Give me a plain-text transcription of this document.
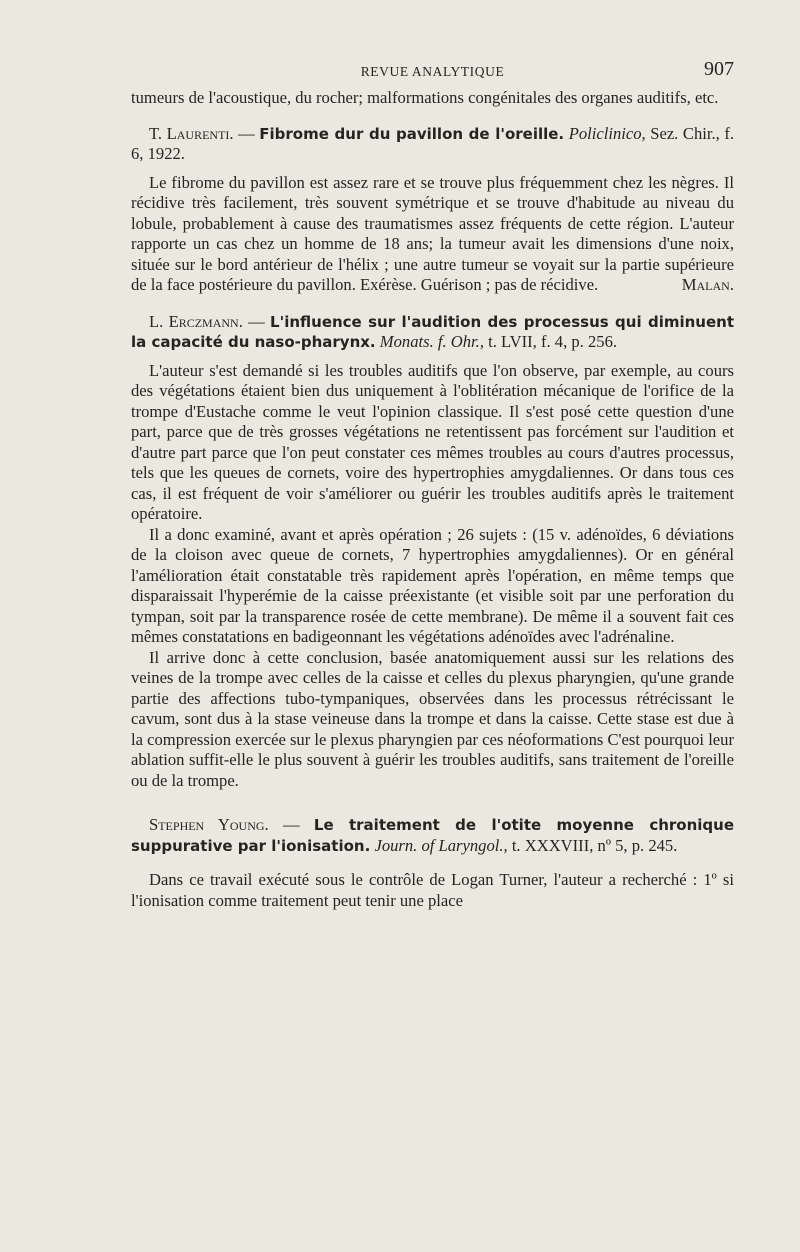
REVUE ANALYTIQUE	907

tumeurs de l'acoustique, du rocher; malformations congénitales des organes auditifs, etc.

T. Laurenti. — Fibrome dur du pavillon de l'oreille. Policlinico, Sez. Chir., f. 6, 1922.

Le fibrome du pavillon est assez rare et se trouve plus fréquemment chez les nègres. Il récidive très facilement, très souvent symétrique et se trouve d'habitude au niveau du lobule, probablement à cause des traumatismes assez fréquents de cette région. L'auteur rapporte un cas chez un homme de 18 ans; la tumeur avait les dimensions d'une noix, située sur le bord antérieur de l'hélix ; une autre tumeur se voyait sur la partie supérieure de la face postérieure du pavillon. Exérèse. Guérison ; pas de récidive.	Malan.

L. Erczmann. — L'influence sur l'audition des processus qui diminuent la capacité du naso-pharynx. Monats. f. Ohr., t. LVII, f. 4, p. 256.

L'auteur s'est demandé si les troubles auditifs que l'on observe, par exemple, au cours des végétations étaient bien dus uniquement à l'oblitération mécanique de l'orifice de la trompe d'Eustache comme le veut l'opinion classique. Il s'est posé cette question d'une part, parce que de très grosses végétations ne retentissent pas forcément sur l'audition et d'autre part parce que l'on peut constater ces mêmes troubles au cours d'autres processus, tels que les queues de cornets, voire des hypertrophies amygdaliennes. Or dans tous ces cas, il est fréquent de voir s'améliorer ou guérir les troubles auditifs après le traitement opératoire.

Il a donc examiné, avant et après opération ; 26 sujets : (15 v. adénoïdes, 6 déviations de la cloison avec queue de cornets, 7 hypertrophies amygdaliennes). Or en général l'amélioration était constatable très rapidement après l'opération, en même temps que disparaissait l'hyperémie de la caisse préexistante (et visible soit par une perforation du tympan, soit par la transparence rosée de cette membrane). De même il a souvent fait ces mêmes constatations en badigeonnant les végétations adénoïdes avec l'adrénaline.

Il arrive donc à cette conclusion, basée anatomiquement aussi sur les relations des veines de la trompe avec celles de la caisse et celles du plexus pharyngien, qu'une grande partie des affections tubo-tympaniques, observées dans les processus rétrécissant le cavum, sont dus à la stase veineuse dans la trompe et dans la caisse. Cette stase est due à la compression exercée sur le plexus pharyngien par ces néoformations C'est pourquoi leur ablation suffit-elle le plus souvent à guérir les troubles auditifs, sans traitement de l'oreille ou de la trompe.

Stephen Young. — Le traitement de l'otite moyenne chronique suppurative par l'ionisation. Journ. of Laryngol., t. XXXVIII, nº 5, p. 245.

Dans ce travail exécuté sous le contrôle de Logan Turner, l'auteur a recherché : 1º si l'ionisation comme traitement peut tenir une place
